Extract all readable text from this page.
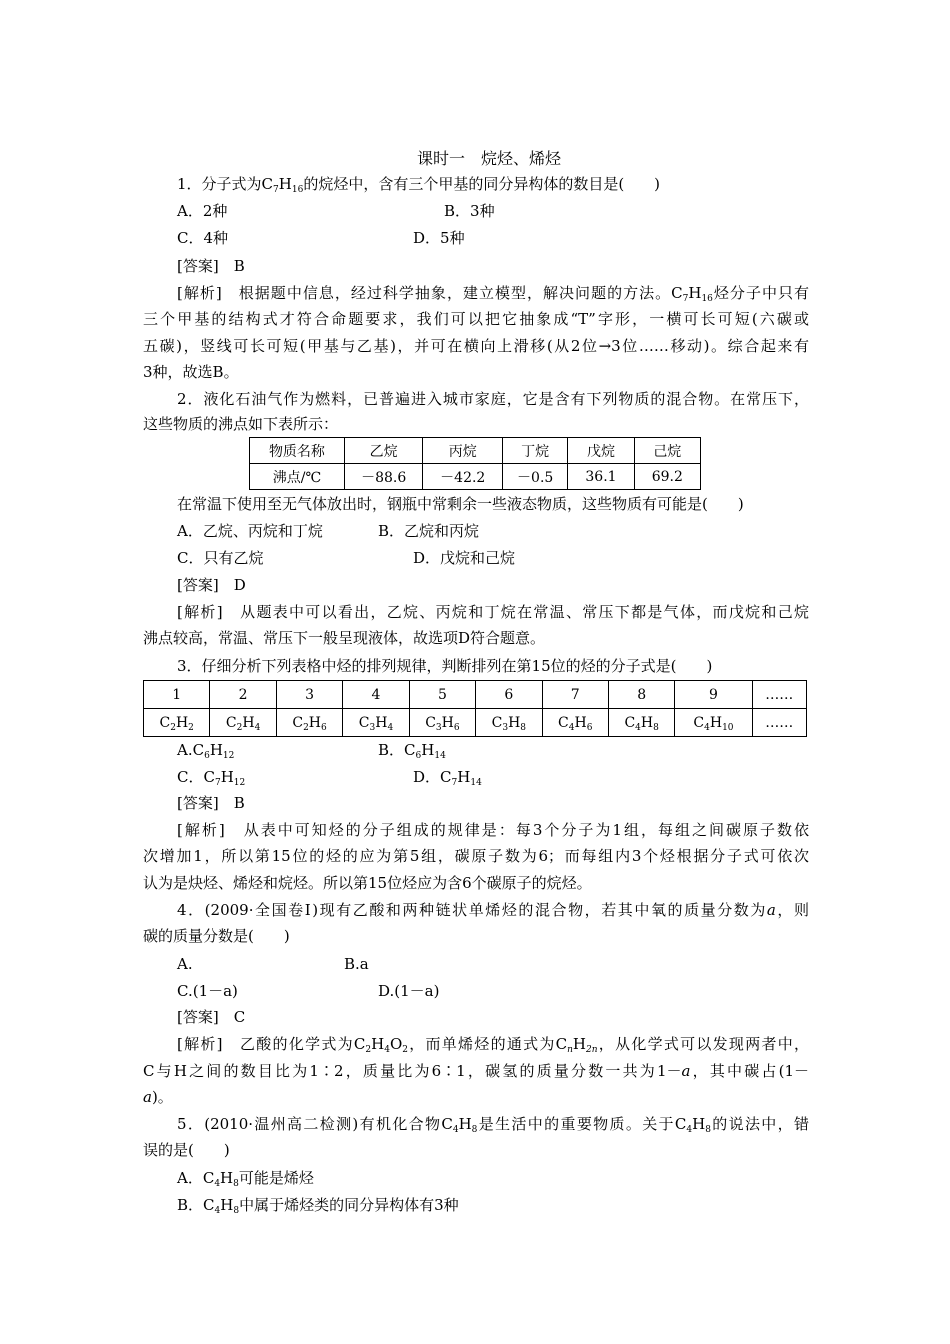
课时一　烷烃、烯烃
1．分子式为$C_7H_{16}$的烷烃中，含有三个甲基的同分异构体的数目是(　　)
A．2种	B．3种
C．4种	D．5种
[答案]　B
[解析]　根据题中信息，经过科学抽象，建立模型，解决问题的方法。$C_7H_{16}$烃分子中只有
三个甲基的结构式才符合命题要求，我们可以把它抽象成“T”字形，一横可长可短(六碳或
五碳)，竖线可长可短(甲基与乙基)，并可在横向上滑移(从2位→3位……移动)。综合起来有
3种，故选B。
2．液化石油气作为燃料，已普遍进入城市家庭，它是含有下列物质的混合物。在常压下，
这些物质的沸点如下表所示：
物质名称	乙烷	丙烷	丁烷	戊烷	己烷
沸点/℃	－88.6	－42.2	－0.5	36.1	69.2
在常温下使用至无气体放出时，钢瓶中常剩余一些液态物质，这些物质有可能是(　　)
A．乙烷、丙烷和丁烷	B．乙烷和丙烷
C．只有乙烷	D．戊烷和己烷
[答案]　D
[解析]　从题表中可以看出，乙烷、丙烷和丁烷在常温、常压下都是气体，而戊烷和己烷
沸点较高，常温、常压下一般呈现液体，故选项D符合题意。
3．仔细分析下列表格中烃的排列规律，判断排列在第15位的烃的分子式是(　　)
1	2	3	4	5	6	7	8	9	……
$C_2H_2$	$C_2H_4$	$C_2H_6$	$C_3H_4$	$C_3H_6$	$C_3H_8$	$C_4H_6$	$C_4H_8$	$C_4H_{10}$	……
$A.C_6H_{12}$	B．$C_6H_{14}$
C．$C_7H_{12}$	D．$C_7H_{14}$
[答案]　B
[解析]　从表中可知烃的分子组成的规律是：每3个分子为1组，每组之间碳原子数依
次增加1，所以第15位的烃的应为第5组，碳原子数为6；而每组内3个烃根据分子式可依次
认为是炔烃、烯烃和烷烃。所以第15位烃应为含6个碳原子的烷烃。
4．(2009·全国卷Ⅰ)现有乙酸和两种链状单烯烃的混合物，若其中氧的质量分数为a，则
碳的质量分数是(　　)
A.	B.a
C.(1－a)	D.(1－a)
[答案]　C
[解析]　乙酸的化学式为$C_2H_4O_2$，而单烯烃的通式为$C_nH_{2n}$，从化学式可以发现两者中，
C与H之间的数目比为1∶2，质量比为6∶1，碳氢的质量分数一共为1－a，其中碳占(1－
a)。
5．(2010·温州高二检测)有机化合物$C_4H_8$是生活中的重要物质。关于$C_4H_8$的说法中，错
误的是(　　)
A．$C_4H_8$可能是烯烃
B．$C_4H_8$中属于烯烃类的同分异构体有3种
